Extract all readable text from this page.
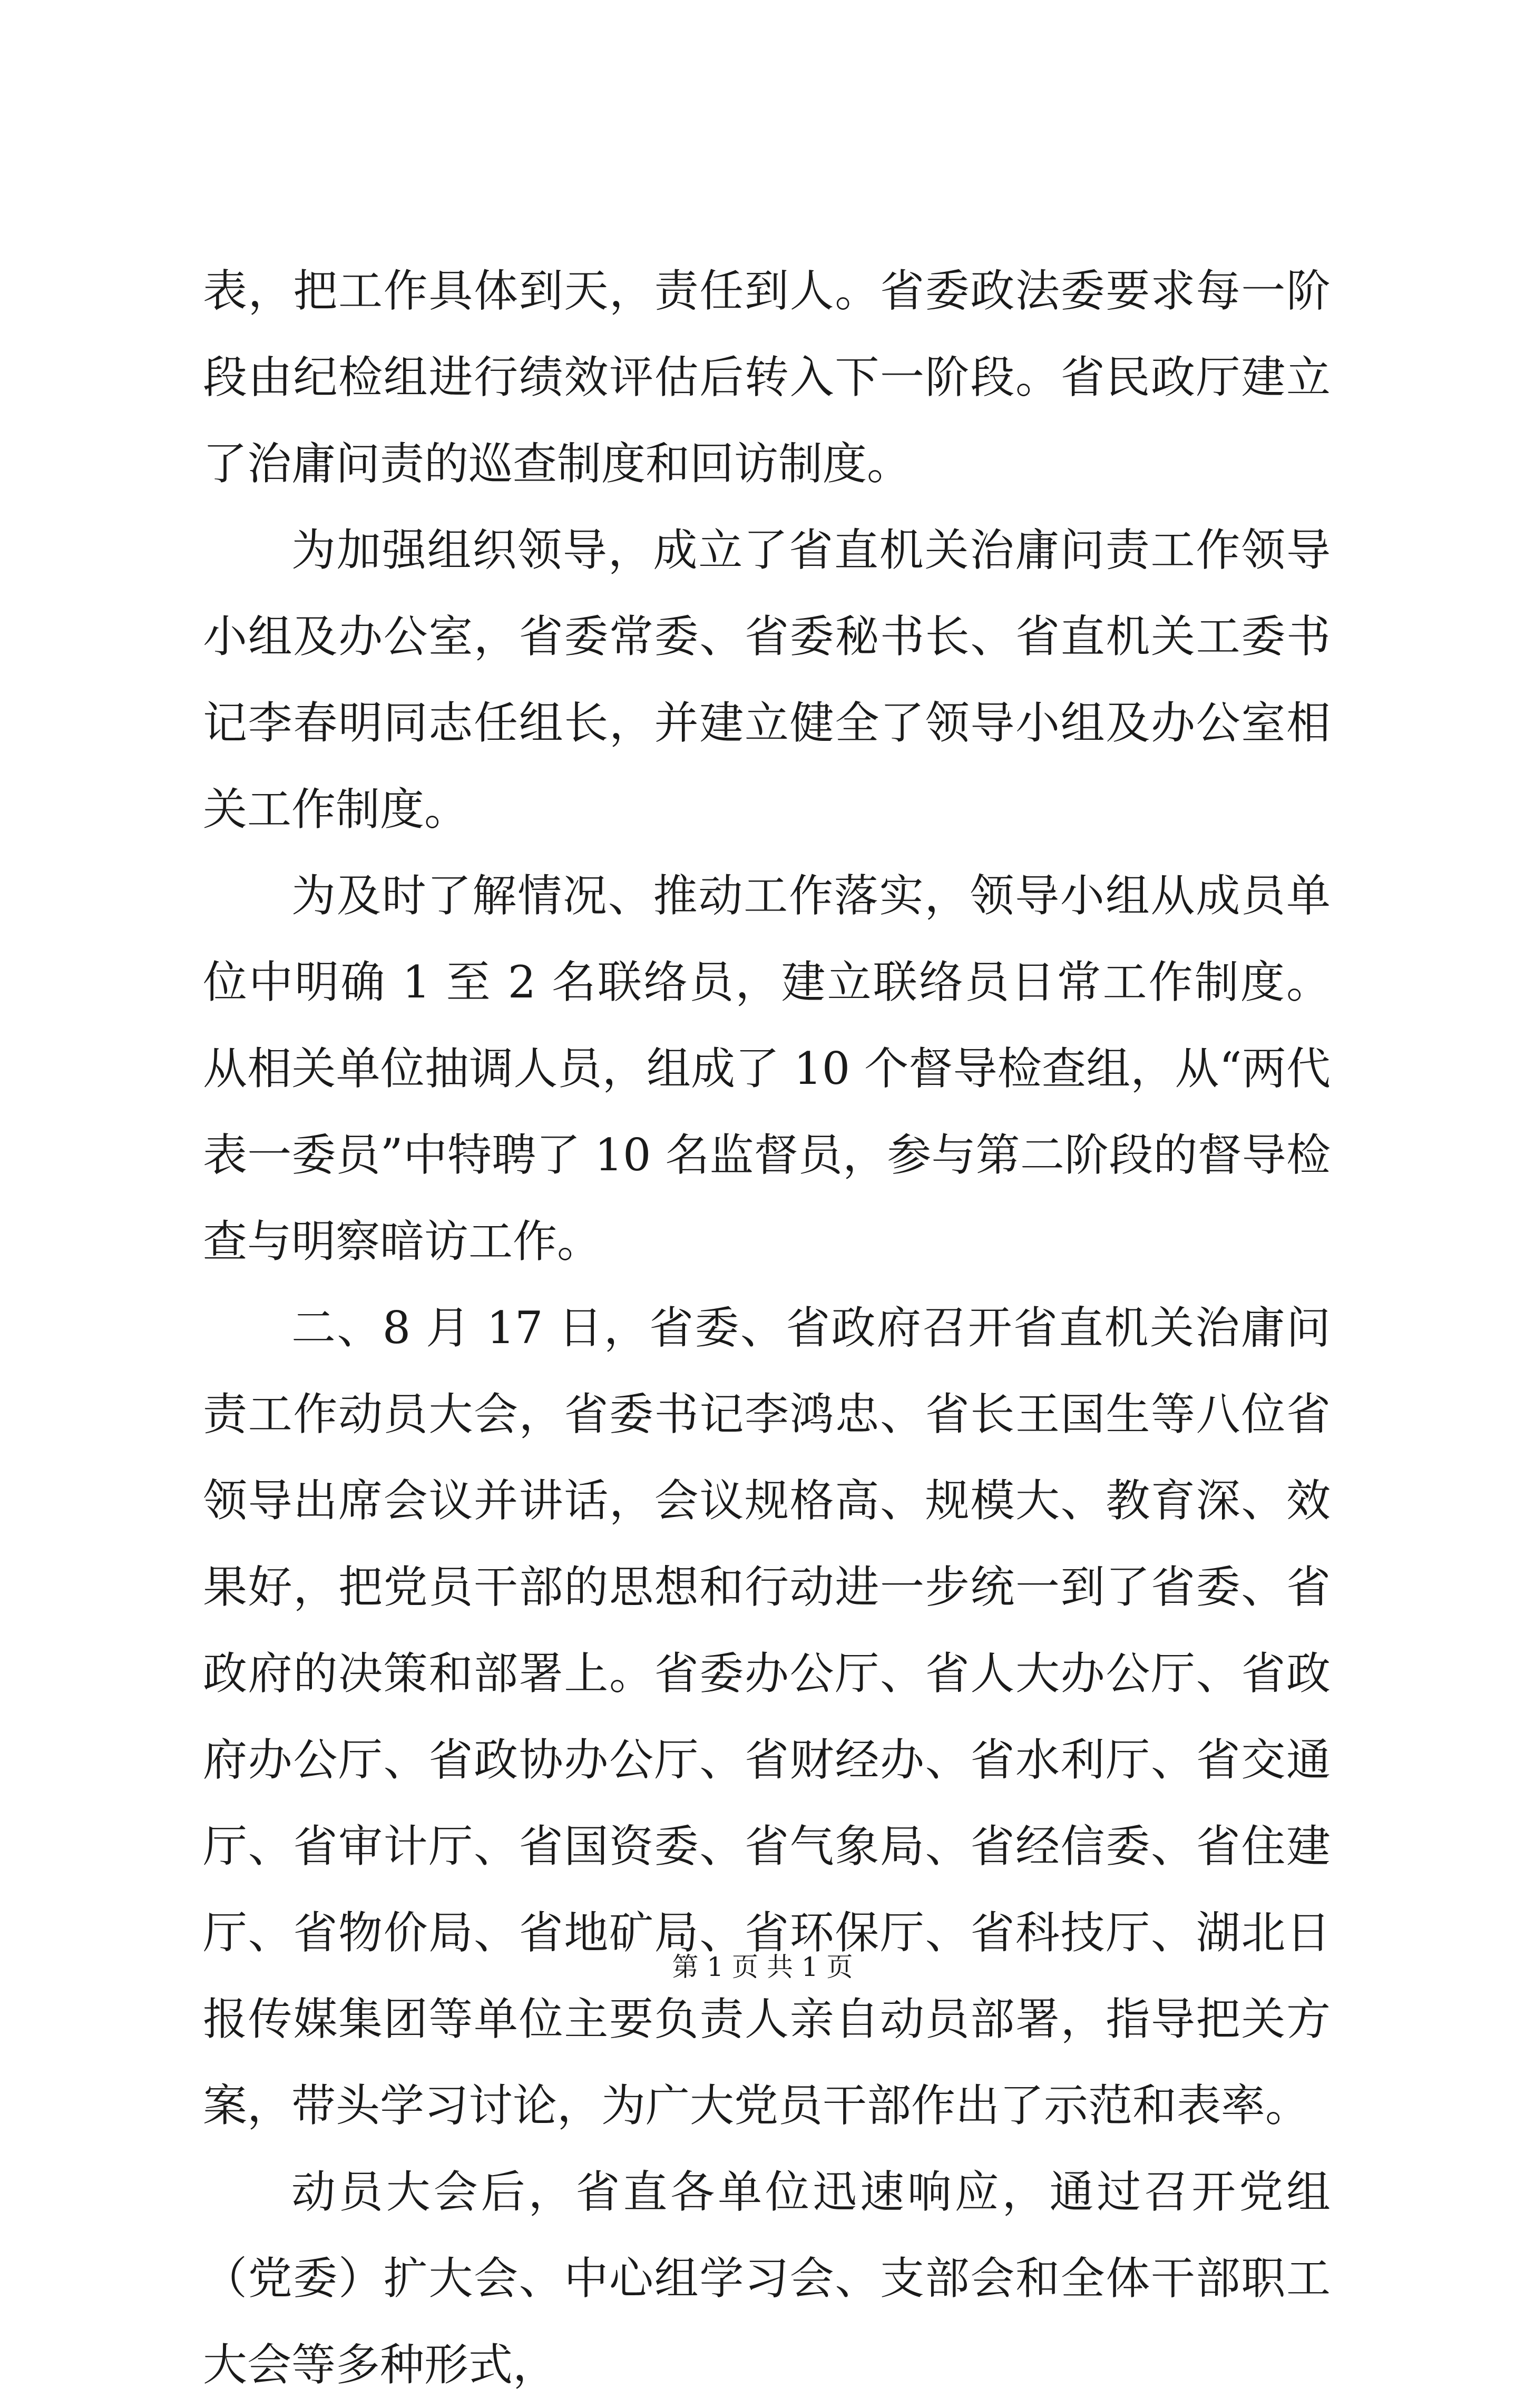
表，把工作具体到天，责任到人。省委政法委要求每一阶段由纪检组进行绩效评估后转入下一阶段。省民政厅建立了治庸问责的巡查制度和回访制度。

为加强组织领导，成立了省直机关治庸问责工作领导小组及办公室，省委常委、省委秘书长、省直机关工委书记李春明同志任组长，并建立健全了领导小组及办公室相关工作制度。

为及时了解情况、推动工作落实，领导小组从成员单位中明确 1 至 2 名联络员，建立联络员日常工作制度。从相关单位抽调人员，组成了 10 个督导检查组，从“两代表一委员”中特聘了 10 名监督员，参与第二阶段的督导检查与明察暗访工作。

二、8 月 17 日，省委、省政府召开省直机关治庸问责工作动员大会，省委书记李鸿忠、省长王国生等八位省领导出席会议并讲话，会议规格高、规模大、教育深、效果好，把党员干部的思想和行动进一步统一到了省委、省政府的决策和部署上。省委办公厅、省人大办公厅、省政府办公厅、省政协办公厅、省财经办、省水利厅、省交通厅、省审计厅、省国资委、省气象局、省经信委、省住建厅、省物价局、省地矿局、省环保厅、省科技厅、湖北日报传媒集团等单位主要负责人亲自动员部署，指导把关方案，带头学习讨论，为广大党员干部作出了示范和表率。

动员大会后，省直各单位迅速响应，通过召开党组（党委）扩大会、中心组学习会、支部会和全体干部职工大会等多种形式，

第 1 页 共 1 页
